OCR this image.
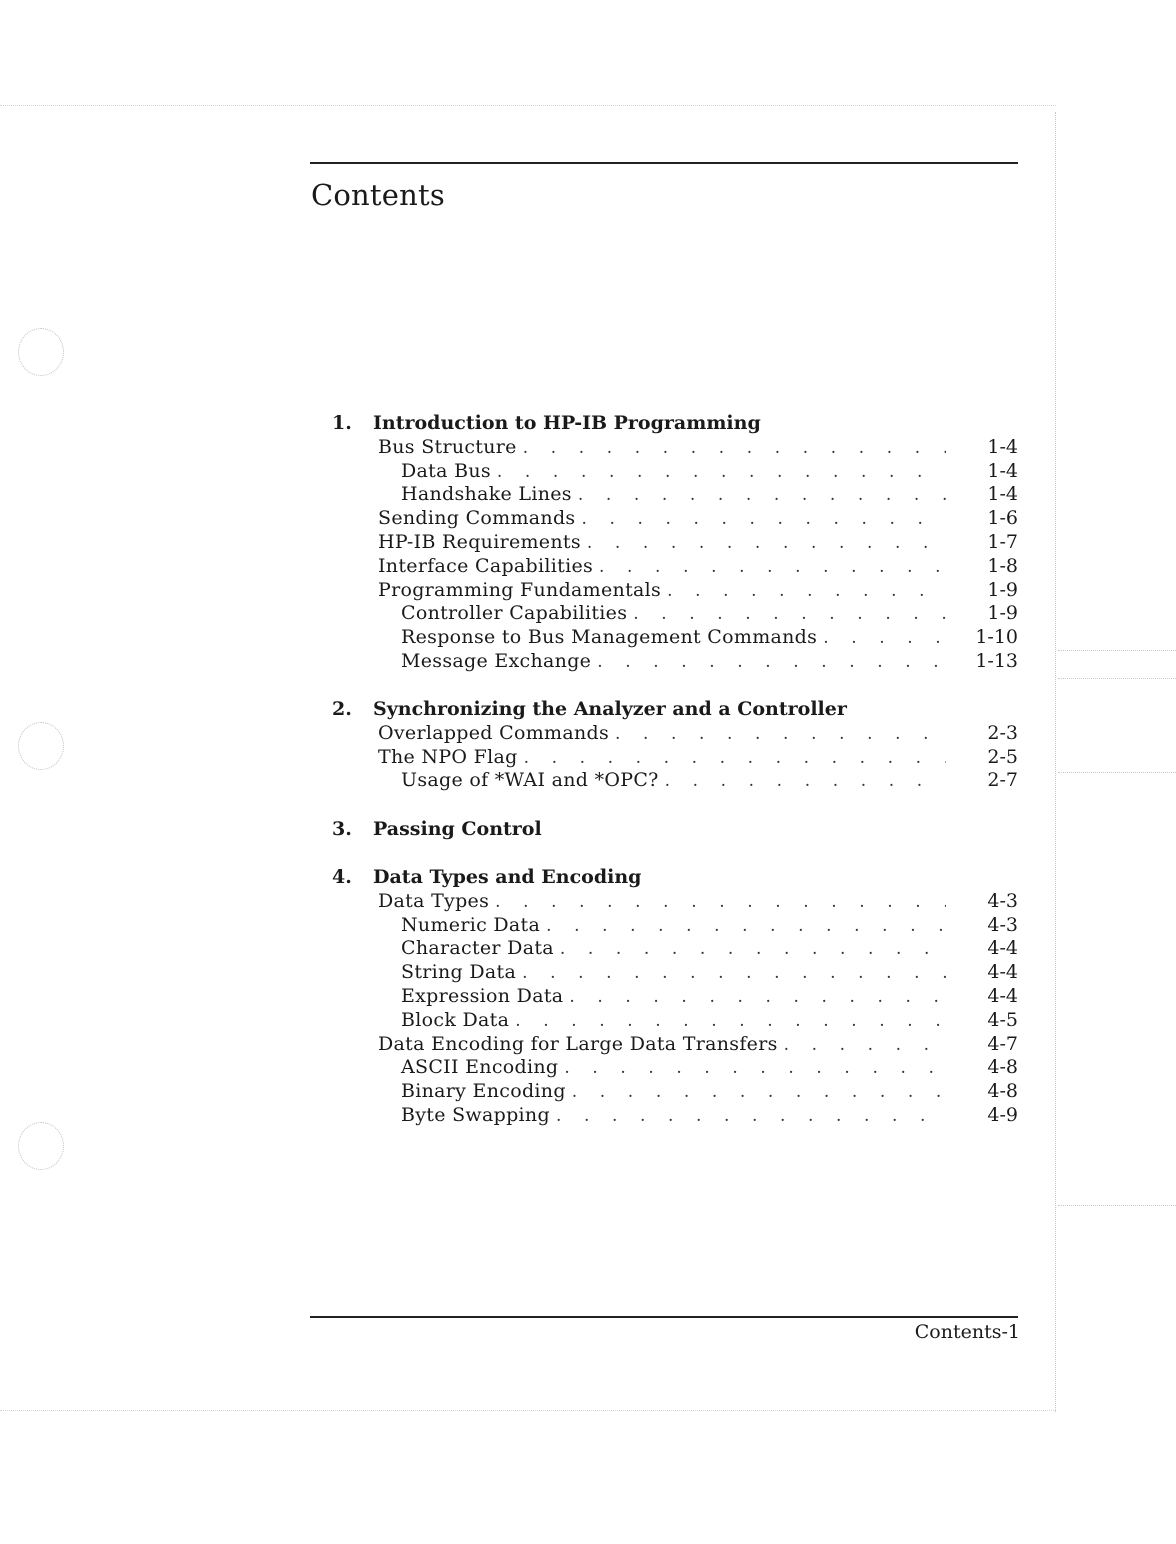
Contents
1. Introduction to HP-IB Programming
Bus Structure . . .	1-4
Data Bus . . .	1-4
Handshake Lines . . .	1-4
Sending Commands . . .	1-6
HP-IB Requirements . . .	1-7
Interface Capabilities . . .	1-8
Programming Fundamentals . . .	1-9
Controller Capabilities . . .	1-9
Response to Bus Management Commands . . .	1-10
Message Exchange . . .	1-13
2. Synchronizing the Analyzer and a Controller
Overlapped Commands . . .	2-3
The NPO Flag . . .	2-5
Usage of *WAI and *OPC? . . .	2-7
3. Passing Control
4. Data Types and Encoding
Data Types . . .	4-3
Numeric Data . . .	4-3
Character Data . . .	4-4
String Data . . .	4-4
Expression Data . . .	4-4
Block Data . . .	4-5
Data Encoding for Large Data Transfers . . .	4-7
ASCII Encoding . . .	4-8
Binary Encoding . . .	4-8
Byte Swapping . . .	4-9
Contents-1
